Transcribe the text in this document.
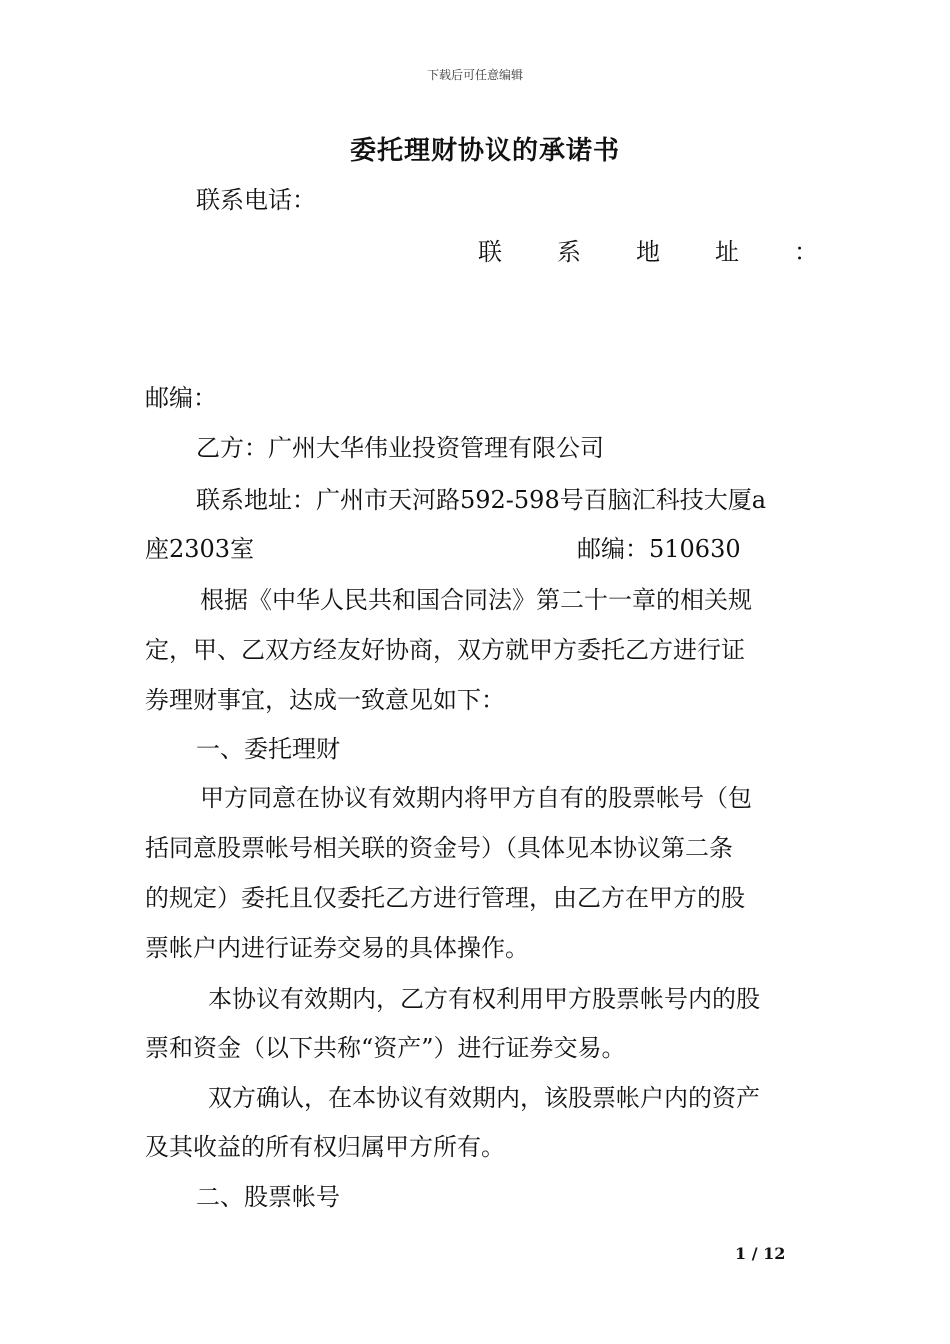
下载后可任意编辑
委托理财协议的承诺书
联系电话：
联 系 地 址 ：
邮编：
乙方：广州大华伟业投资管理有限公司
联系地址：广州市天河路592-598号百脑汇科技大厦a
座2303室	邮编：510630
根据《中华人民共和国合同法》第二十一章的相关规
定，甲、乙双方经友好协商，双方就甲方委托乙方进行证
券理财事宜，达成一致意见如下：
一、委托理财
甲方同意在协议有效期内将甲方自有的股票帐号（包
括同意股票帐号相关联的资金号）（具体见本协议第二条
的规定）委托且仅委托乙方进行管理，由乙方在甲方的股
票帐户内进行证券交易的具体操作。
本协议有效期内，乙方有权利用甲方股票帐号内的股
票和资金（以下共称“资产”）进行证券交易。
双方确认，在本协议有效期内，该股票帐户内的资产
及其收益的所有权归属甲方所有。
二、股票帐号
1 / 12
